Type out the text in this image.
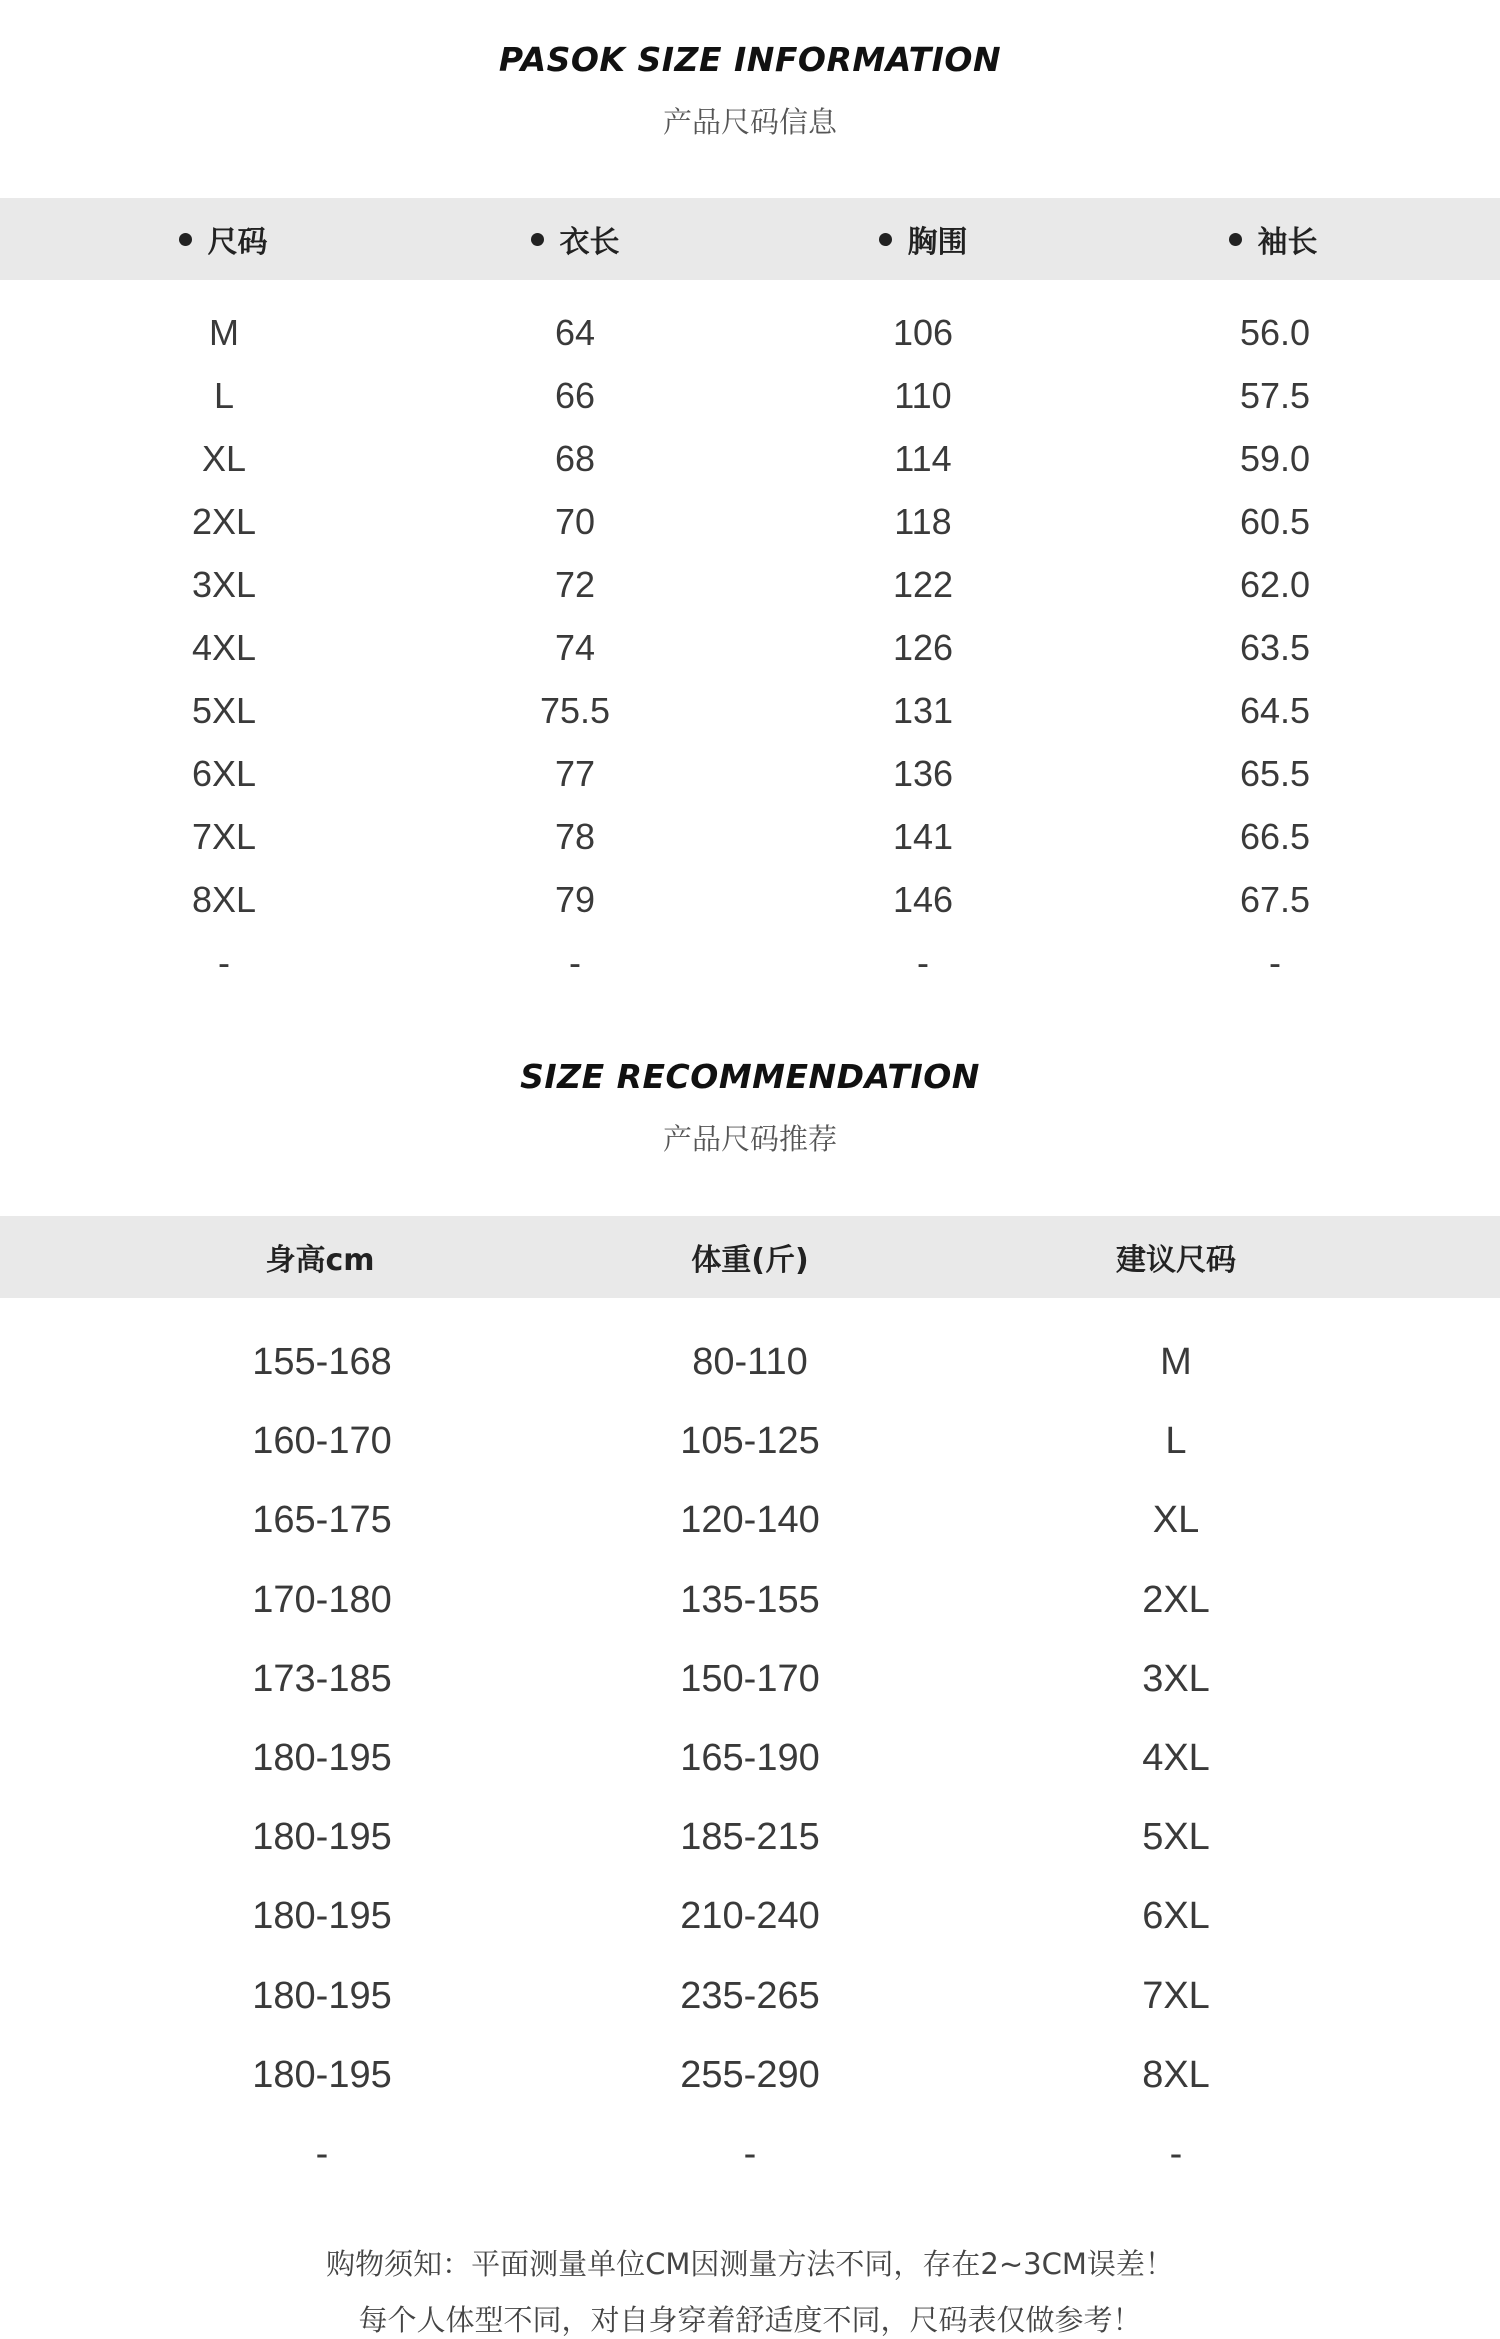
PASOK SIZE INFORMATION
产品尺码信息
尺码	衣长	胸围	袖长
M	64	106	56.0
L	66	110	57.5
XL	68	114	59.0
2XL	70	118	60.5
3XL	72	122	62.0
4XL	74	126	63.5
5XL	75.5	131	64.5
6XL	77	136	65.5
7XL	78	141	66.5
8XL	79	146	67.5
-	-	-	-
SIZE RECOMMENDATION
产品尺码推荐
身高cm	体重(斤)	建议尺码
155-168	80-110	M
160-170	105-125	L
165-175	120-140	XL
170-180	135-155	2XL
173-185	150-170	3XL
180-195	165-190	4XL
180-195	185-215	5XL
180-195	210-240	6XL
180-195	235-265	7XL
180-195	255-290	8XL
-	-	-
购物须知：平面测量单位CM因测量方法不同，存在2~3CM误差！
每个人体型不同，对自身穿着舒适度不同，尺码表仅做参考！
